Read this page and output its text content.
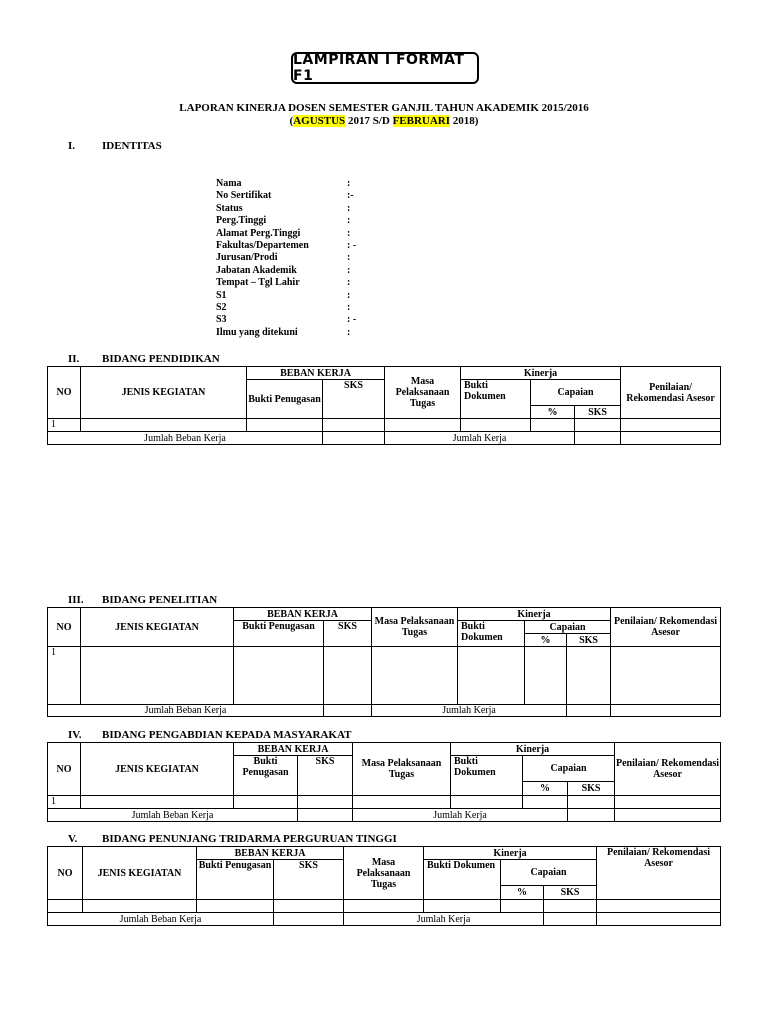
LAMPIRAN I FORMAT F1
LAPORAN KINERJA DOSEN SEMESTER GANJIL TAHUN AKADEMIK 2015/2016
(AGUSTUS 2017 S/D FEBRUARI 2018)
I. IDENTITAS
Nama	:
No Sertifikat	:-
Status	:
Perg.Tinggi	:
Alamat Perg.Tinggi	:
Fakultas/Departemen	: -
Jurusan/Prodi	:
Jabatan Akademik	:
Tempat – Tgl Lahir	:
S1	:
S2	:
S3	: -
Ilmu yang ditekuni	:
II. BIDANG PENDIDIKAN
NO	JENIS KEGIATAN	BEBAN KERJA		Masa Pelaksanaan Tugas	Kinerja			Penilaian/ Rekomendasi Asesor
		Bukti Penugasan	SKS		Bukti Dokumen	Capaian		
						%	SKS	
1								
Jumlah Beban Kerja				Jumlah Kerja				
III. BIDANG PENELITIAN
NO	JENIS KEGIATAN	BEBAN KERJA		Masa Pelaksanaan Tugas	Kinerja			Penilaian/ Rekomendasi Asesor
		Bukti Penugasan	SKS		Bukti Dokumen	Capaian		
						%	SKS	
1								
Jumlah Beban Kerja				Jumlah Kerja				
IV. BIDANG PENGABDIAN KEPADA MASYARAKAT
NO	JENIS KEGIATAN	BEBAN KERJA		Masa Pelaksanaan Tugas	Kinerja			Penilaian/ Rekomendasi Asesor
		Bukti Penugasan	SKS		Bukti Dokumen	Capaian		
						%	SKS	
1								
Jumlah Beban Kerja				Jumlah Kerja				
V. BIDANG PENUNJANG TRIDARMA PERGURUAN TINGGI
NO	JENIS KEGIATAN	BEBAN KERJA		Masa Pelaksanaan Tugas	Kinerja			Penilaian/ Rekomendasi Asesor
		Bukti Penugasan	SKS		Bukti Dokumen	Capaian		
						%	SKS	

Jumlah Beban Kerja				Jumlah Kerja				
